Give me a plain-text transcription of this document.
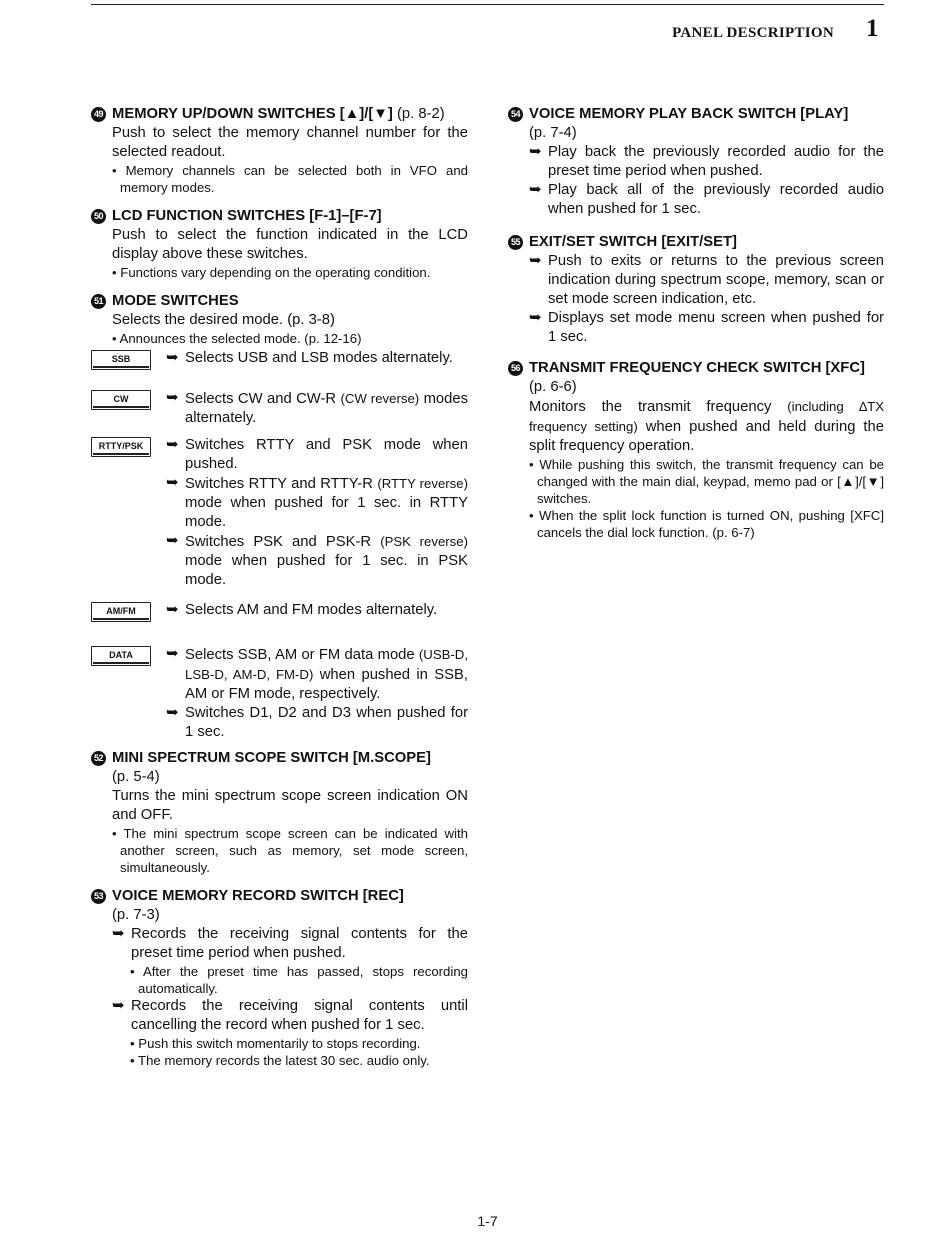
PANEL DESCRIPTION 1
49 MEMORY UP/DOWN SWITCHES [▲]/[▼] (p. 8-2)
Push to select the memory channel number for the selected readout.
• Memory channels can be selected both in VFO and memory modes.
50 LCD FUNCTION SWITCHES [F-1]–[F-7]
Push to select the function indicated in the LCD display above these switches.
• Functions vary depending on the operating condition.
51 MODE SWITCHES
Selects the desired mode. (p. 3-8)
• Announces the selected mode. (p. 12-16)
SSB	➥ Selects USB and LSB modes alternately.
CW	➥ Selects CW and CW-R (CW reverse) modes alternately.
RTTY/PSK	➥ Switches RTTY and PSK mode when pushed.
➥ Switches RTTY and RTTY-R (RTTY reverse) mode when pushed for 1 sec. in RTTY mode.
➥ Switches PSK and PSK-R (PSK reverse) mode when pushed for 1 sec. in PSK mode.
AM/FM	➥ Selects AM and FM modes alternately.
DATA	➥ Selects SSB, AM or FM data mode (USB-D, LSB-D, AM-D, FM-D) when pushed in SSB, AM or FM mode, respectively.
➥ Switches D1, D2 and D3 when pushed for 1 sec.
52 MINI SPECTRUM SCOPE SWITCH [M.SCOPE]
(p. 5-4)
Turns the mini spectrum scope screen indication ON and OFF.
• The mini spectrum scope screen can be indicated with another screen, such as memory, set mode screen, simultaneously.
53 VOICE MEMORY RECORD SWITCH [REC]
(p. 7-3)
➥ Records the receiving signal contents for the preset time period when pushed.
• After the preset time has passed, stops recording automatically.
➥ Records the receiving signal contents until cancelling the record when pushed for 1 sec.
• Push this switch momentarily to stops recording.
• The memory records the latest 30 sec. audio only.
54 VOICE MEMORY PLAY BACK SWITCH [PLAY]
(p. 7-4)
➥ Play back the previously recorded audio for the preset time period when pushed.
➥ Play back all of the previously recorded audio when pushed for 1 sec.
55 EXIT/SET SWITCH [EXIT/SET]
➥ Push to exits or returns to the previous screen indication during spectrum scope, memory, scan or set mode screen indication, etc.
➥ Displays set mode menu screen when pushed for 1 sec.
56 TRANSMIT FREQUENCY CHECK SWITCH [XFC]
(p. 6-6)
Monitors the transmit frequency (including ∆TX frequency setting) when pushed and held during the split frequency operation.
• While pushing this switch, the transmit frequency can be changed with the main dial, keypad, memo pad or [▲]/[▼] switches.
• When the split lock function is turned ON, pushing [XFC] cancels the dial lock function. (p. 6-7)
1-7
